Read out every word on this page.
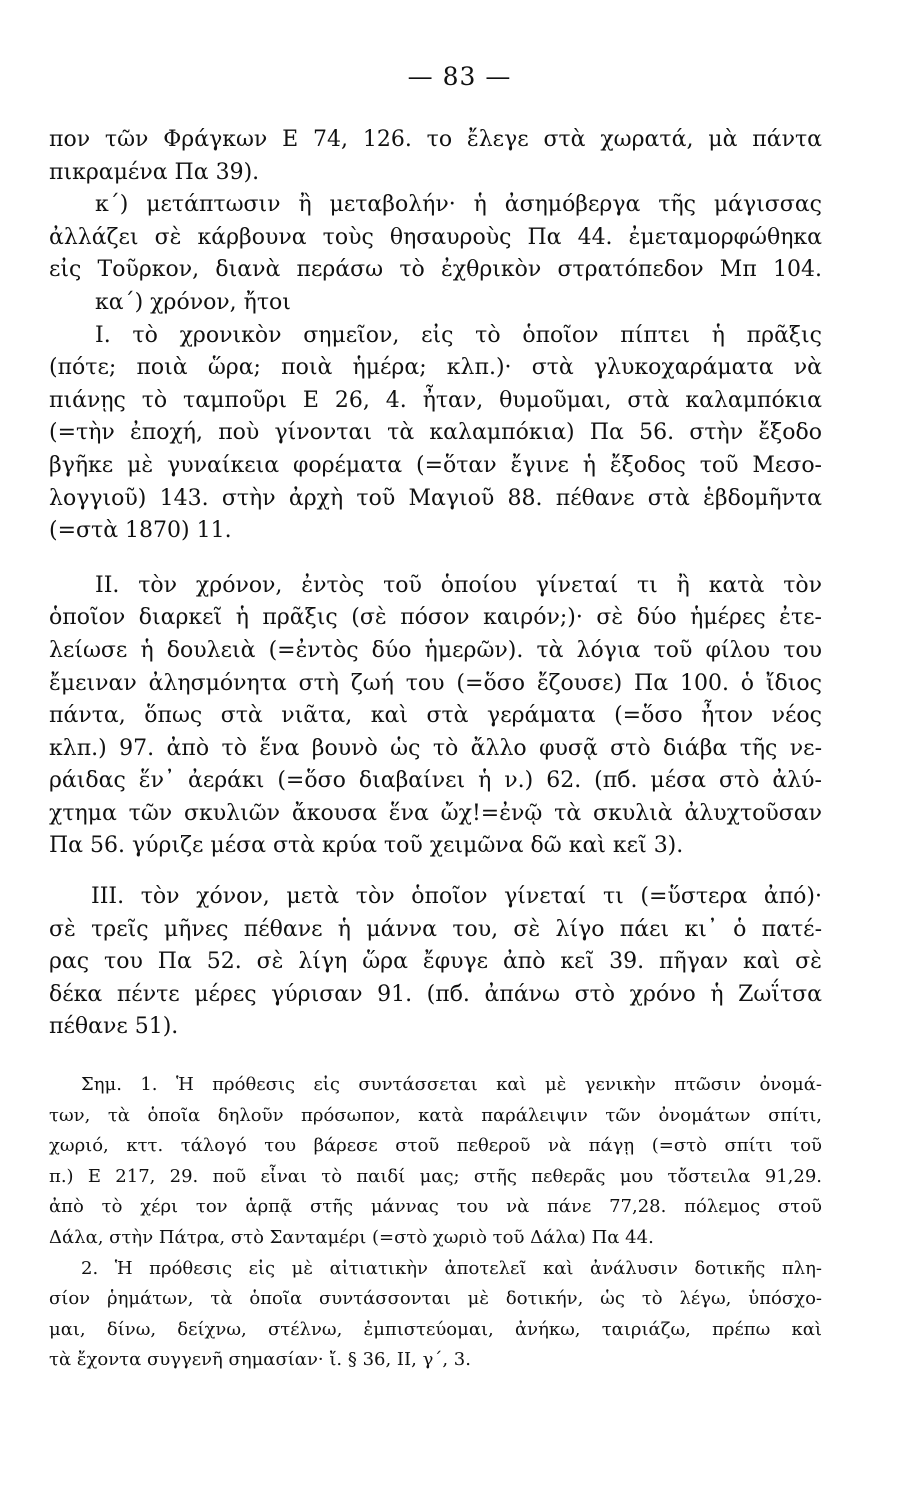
— 83 —
πον τῶν Φράγκων Ε 74, 126. το ἔλεγε στὰ χωρατά, μὰ πάντα
πικραμένα Πα 39).
κ΄) μετάπτωσιν ἢ μεταβολήν· ἡ ἀσημόβεργα τῆς μάγισσας
ἀλλάζει σὲ κάρβουνα τοὺς θησαυροὺς Πα 44. ἐμεταμορφώθηκα
εἰς Τοῦρκον, διανὰ περάσω τὸ ἐχθρικὸν στρατόπεδον Μπ 104.
κα΄) χρόνον, ἤτοι
I. τὸ χρονικὸν σημεῖον, εἰς τὸ ὁποῖον πίπτει ἡ πρᾶξις
(πότε; ποιὰ ὥρα; ποιὰ ἡμέρα; κλπ.)· στὰ γλυκοχαράματα νὰ
πιάνῃς τὸ ταμποῦρι Ε 26, 4. ἦταν, θυμοῦμαι, στὰ καλαμπόκια
(=τὴν ἐποχή, ποὺ γίνονται τὰ καλαμπόκια) Πα 56. στὴν ἔξοδο
βγῆκε μὲ γυναίκεια φορέματα (=ὅταν ἔγινε ἡ ἔξοδος τοῦ Μεσο-
λογγιοῦ) 143. στὴν ἀρχὴ τοῦ Μαγιοῦ 88. πέθανε στὰ ἑβδομῆντα
(=στὰ 1870) 11.
II. τὸν χρόνον, ἐντὸς τοῦ ὁποίου γίνεταί τι ἢ κατὰ τὸν
ὁποῖον διαρκεῖ ἡ πρᾶξις (σὲ πόσον καιρόν;)· σὲ δύο ἡμέρες ἐτε-
λείωσε ἡ δουλειὰ (=ἐντὸς δύο ἡμερῶν). τὰ λόγια τοῦ φίλου του
ἔμειναν ἀλησμόνητα στὴ ζωή του (=ὅσο ἔζουσε) Πα 100. ὁ ἴδιος
πάντα, ὅπως στὰ νιᾶτα, καὶ στὰ γεράματα (=ὅσο ἦτον νέος
κλπ.) 97. ἀπὸ τὸ ἕνα βουνὸ ὡς τὸ ἄλλο φυσᾷ στὸ διάβα τῆς νε-
ράιδας ἕν᾽ ἀεράκι (=ὅσο διαβαίνει ἡ ν.) 62. (πб. μέσα στὸ ἀλύ-
χτημα τῶν σκυλιῶν ἄκουσα ἕνα ὤχ!=ἐνῷ τὰ σκυλιὰ ἀλυχτοῦσαν
Πα 56. γύριζε μέσα στὰ κρύα τοῦ χειμῶνα δῶ καὶ κεῖ 3).
III. τὸν χόνον, μετὰ τὸν ὁποῖον γίνεταί τι (=ὕστερα ἀπό)·
σὲ τρεῖς μῆνες πέθανε ἡ μάννα του, σὲ λίγο πάει κι᾽ ὁ πατέ-
ρας του Πα 52. σὲ λίγη ὥρα ἔφυγε ἀπὸ κεῖ 39. πῆγαν καὶ σὲ
δέκα πέντε μέρες γύρισαν 91. (πб. ἀπάνω στὸ χρόνο ἡ Ζωΐτσα
πέθανε 51).
Σημ. 1. Ἡ πρόθεσις εἰς συντάσσεται καὶ μὲ γενικὴν πτῶσιν ὀνομά-
των, τὰ ὁποῖα δηλοῦν πρόσωπον, κατὰ παράλειψιν τῶν ὀνομάτων σπίτι,
χωριό, κττ. τάλογό του βάρεσε στοῦ πεθεροῦ νὰ πάγῃ (=στὸ σπίτι τοῦ
π.) Ε 217, 29. ποῦ εἶναι τὸ παιδί μας; στῆς πεθερᾶς μου τὄστειλα 91,29.
ἀπὸ τὸ χέρι τον ἁρπᾷ στῆς μάννας του νὰ πάνε 77,28. πόλεμος στοῦ
Δάλα, στὴν Πάτρα, στὸ Σανταμέρι (=στὸ χωριὸ τοῦ Δάλα) Πα 44.
2. Ἡ πρόθεσις εἰς μὲ αἰτιατικὴν ἀποτελεῖ καὶ ἀνάλυσιν δοτικῆς πλη-
σίον ῥημάτων, τὰ ὁποῖα συντάσσονται μὲ δοτικήν, ὡς τὸ λέγω, ὑπόσχο-
μαι, δίνω, δείχνω, στέλνω, ἐμπιστεύομαι, ἀνήκω, ταιριάζω, πρέπω καὶ
τὰ ἔχοντα συγγενῆ σημασίαν· ἴ. § 36, II, γ΄, 3.
